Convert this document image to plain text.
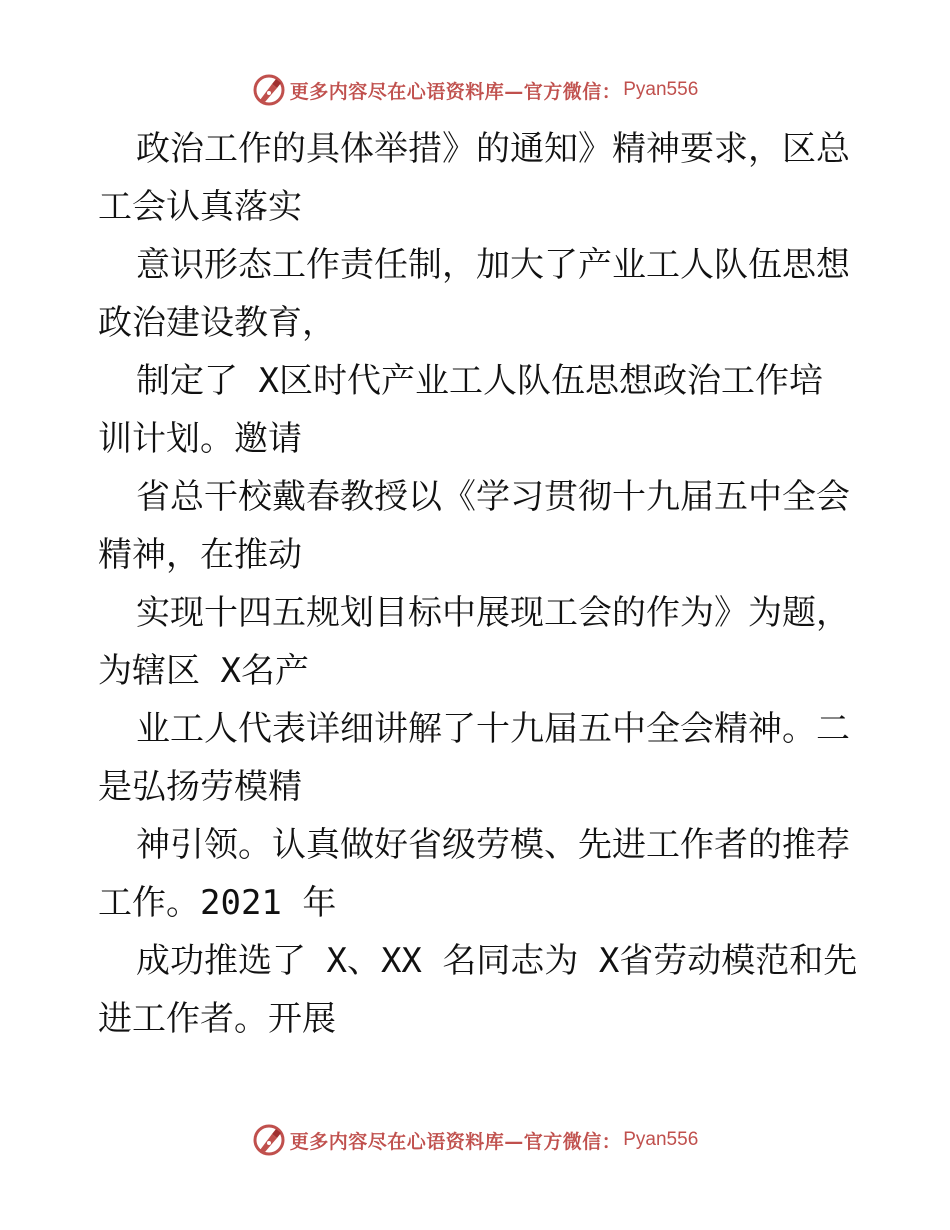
更多内容尽在心语资料库—官方微信： Pyan556

政治工作的具体举措》的通知》精神要求，区总
工会认真落实

意识形态工作责任制，加大了产业工人队伍思想
政治建设教育，

制定了 X区时代产业工人队伍思想政治工作培
训计划。邀请

省总干校戴春教授以《学习贯彻十九届五中全会
精神，在推动

实现十四五规划目标中展现工会的作为》为题，
为辖区 X名产

业工人代表详细讲解了十九届五中全会精神。二
是弘扬劳模精

神引领。认真做好省级劳模、先进工作者的推荐
工作。2021 年

成功推选了 X、XX 名同志为 X省劳动模范和先
进工作者。开展

更多内容尽在心语资料库—官方微信： Pyan556
